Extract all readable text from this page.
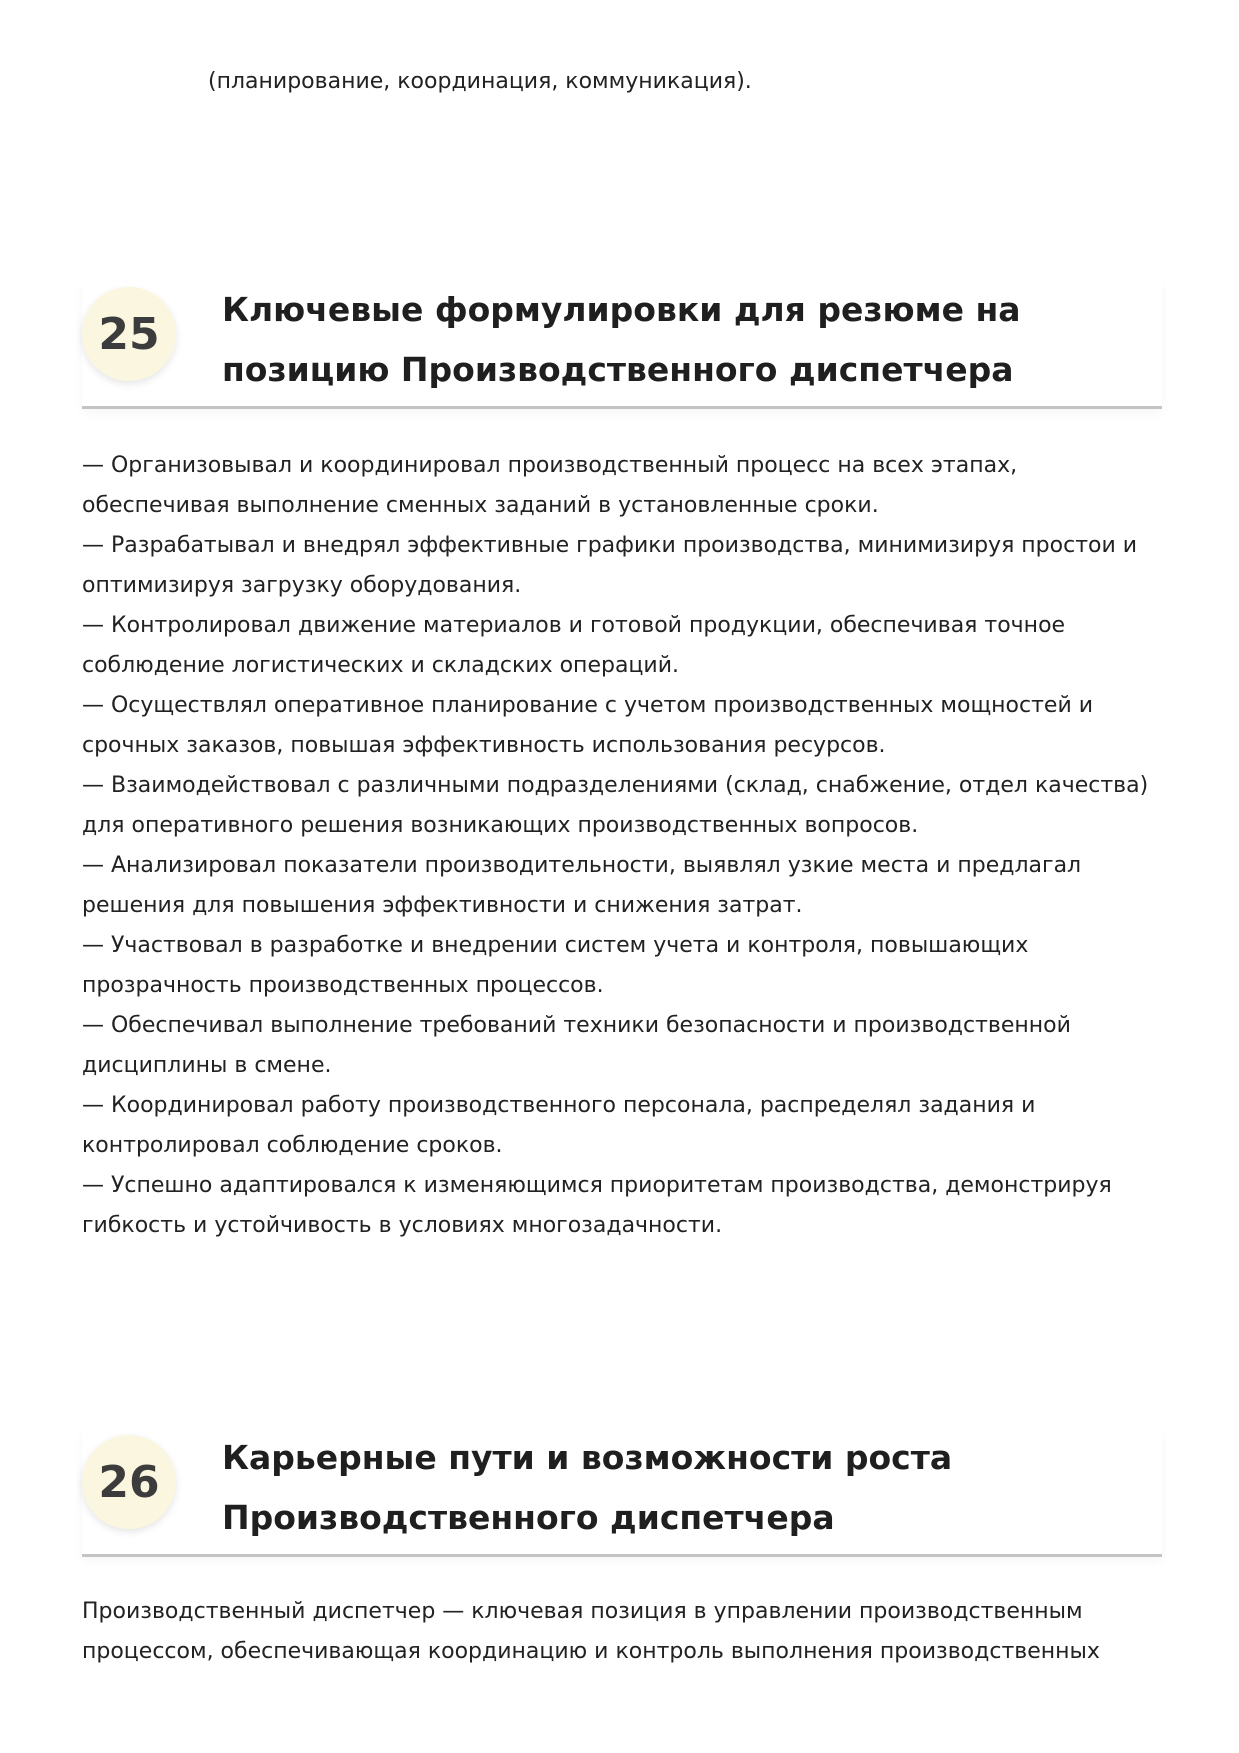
(планирование, координация, коммуникация).

25	Ключевые формулировки для резюме на позицию Производственного диспетчера
— Организовывал и координировал производственный процесс на всех этапах, обеспечивая выполнение сменных заданий в установленные сроки.
— Разрабатывал и внедрял эффективные графики производства, минимизируя простои и оптимизируя загрузку оборудования.
— Контролировал движение материалов и готовой продукции, обеспечивая точное соблюдение логистических и складских операций.
— Осуществлял оперативное планирование с учетом производственных мощностей и срочных заказов, повышая эффективность использования ресурсов.
— Взаимодействовал с различными подразделениями (склад, снабжение, отдел качества) для оперативного решения возникающих производственных вопросов.
— Анализировал показатели производительности, выявлял узкие места и предлагал решения для повышения эффективности и снижения затрат.
— Участвовал в разработке и внедрении систем учета и контроля, повышающих прозрачность производственных процессов.
— Обеспечивал выполнение требований техники безопасности и производственной дисциплины в смене.
— Координировал работу производственного персонала, распределял задания и контролировал соблюдение сроков.
— Успешно адаптировался к изменяющимся приоритетам производства, демонстрируя гибкость и устойчивость в условиях многозадачности.
26	Карьерные пути и возможности роста Производственного диспетчера

Производственный диспетчер — ключевая позиция в управлении производственным процессом, обеспечивающая координацию и контроль выполнения производственных
